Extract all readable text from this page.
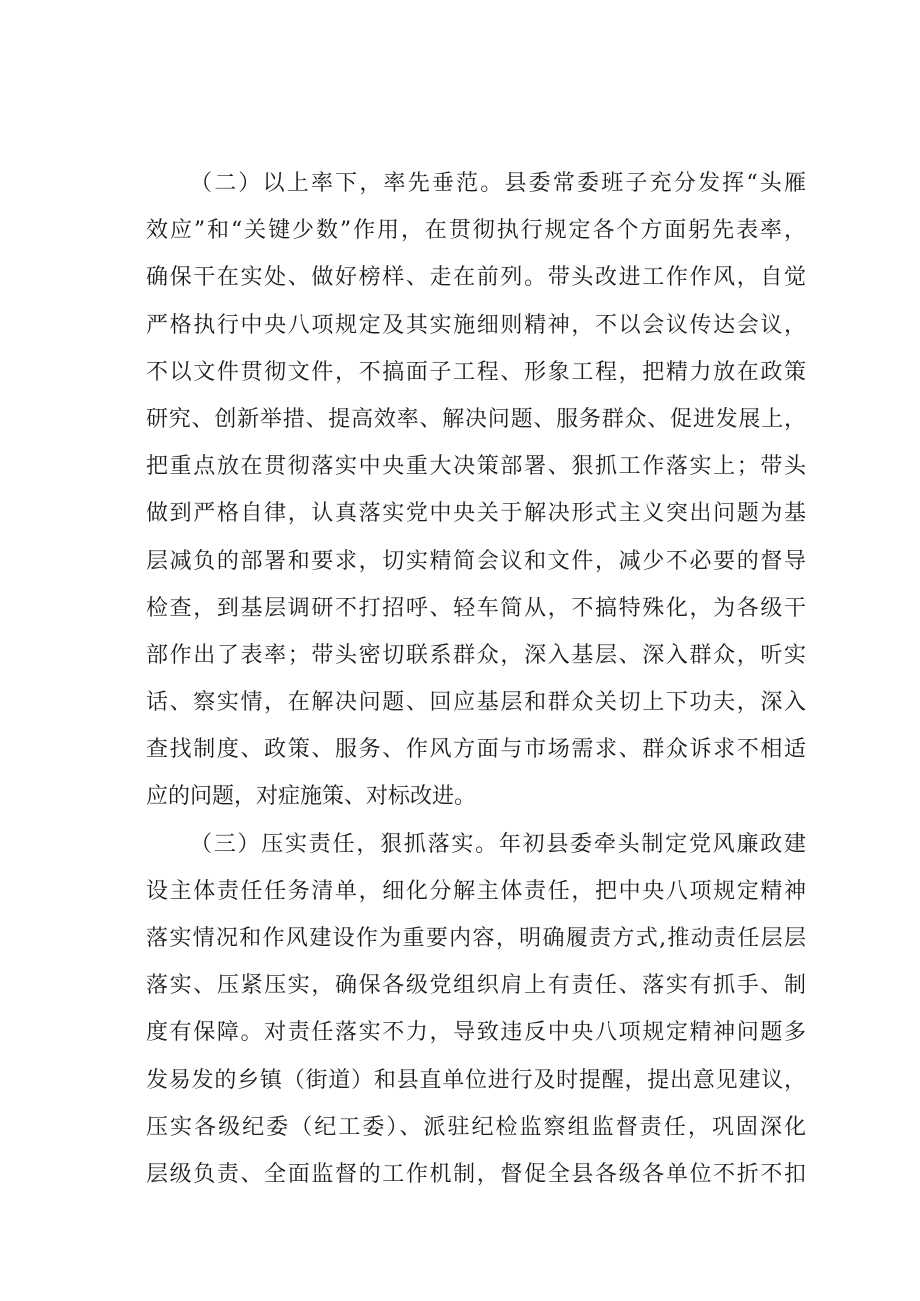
（二）以上率下，率先垂范。县委常委班子充分发挥“头雁
效应”和“关键少数”作用，在贯彻执行规定各个方面躬先表率，
确保干在实处、做好榜样、走在前列。带头改进工作作风，自觉
严格执行中央八项规定及其实施细则精神，不以会议传达会议，
不以文件贯彻文件，不搞面子工程、形象工程，把精力放在政策
研究、创新举措、提高效率、解决问题、服务群众、促进发展上，
把重点放在贯彻落实中央重大决策部署、狠抓工作落实上；带头
做到严格自律，认真落实党中央关于解决形式主义突出问题为基
层减负的部署和要求，切实精简会议和文件，减少不必要的督导
检查，到基层调研不打招呼、轻车简从，不搞特殊化，为各级干
部作出了表率；带头密切联系群众，深入基层、深入群众，听实
话、察实情，在解决问题、回应基层和群众关切上下功夫，深入
查找制度、政策、服务、作风方面与市场需求、群众诉求不相适
应的问题，对症施策、对标改进。
（三）压实责任，狠抓落实。年初县委牵头制定党风廉政建
设主体责任任务清单，细化分解主体责任，把中央八项规定精神
落实情况和作风建设作为重要内容，明确履责方式,推动责任层层
落实、压紧压实，确保各级党组织肩上有责任、落实有抓手、制
度有保障。对责任落实不力，导致违反中央八项规定精神问题多
发易发的乡镇（街道）和县直单位进行及时提醒，提出意见建议，
压实各级纪委（纪工委）、派驻纪检监察组监督责任，巩固深化
层级负责、全面监督的工作机制，督促全县各级各单位不折不扣
